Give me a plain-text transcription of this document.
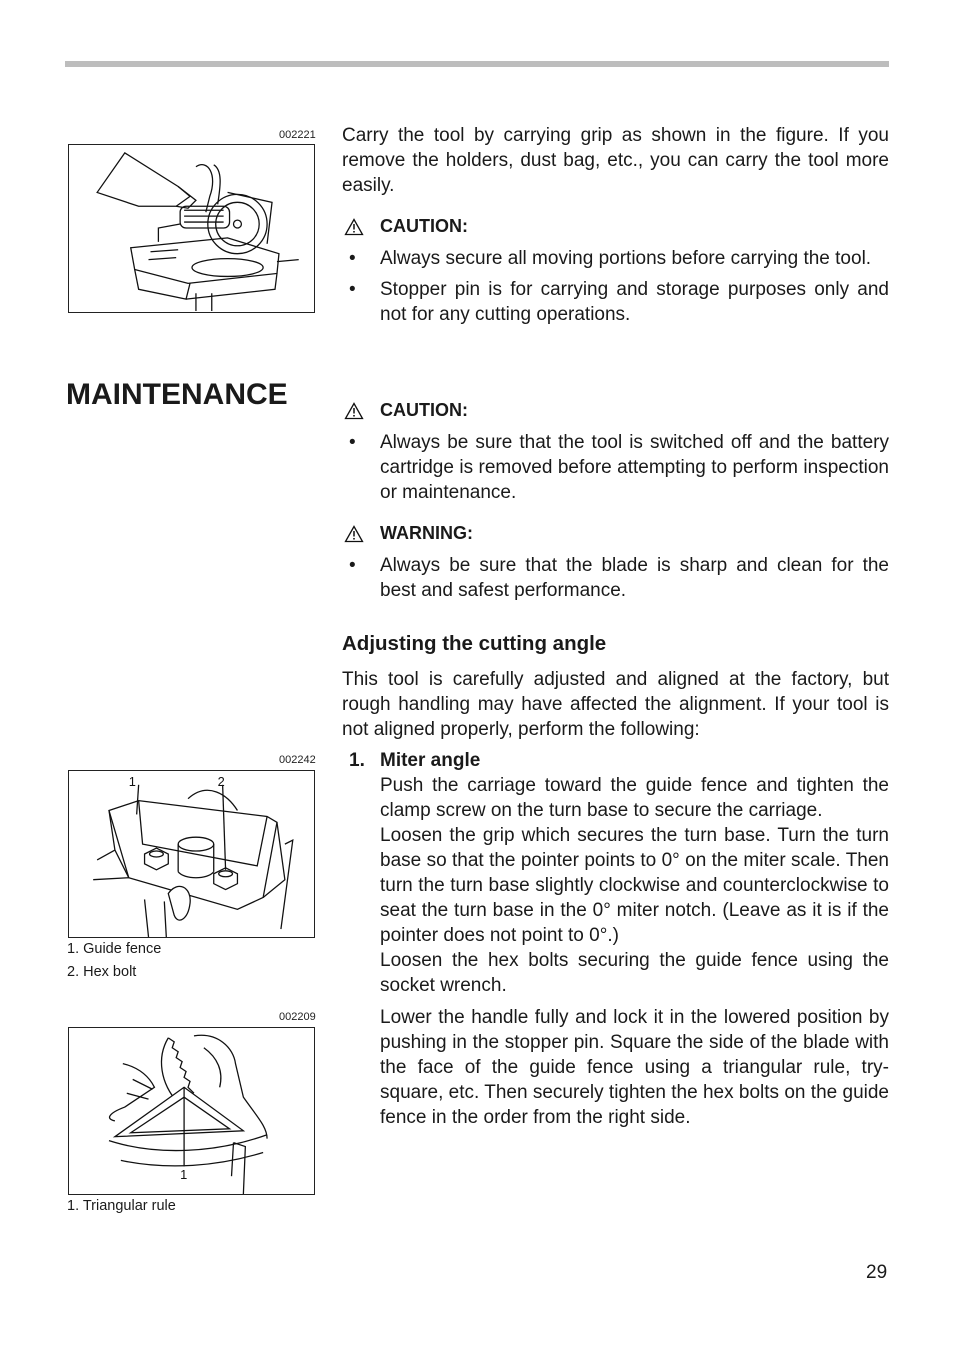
002221
002242
1	2
1. Guide fence
2. Hex bolt
002209
1
1. Triangular rule
MAINTENANCE

Carry the tool by carrying grip as shown in the figure. If you remove the holders, dust bag, etc., you can carry the tool more easily.

CAUTION:
•	Always secure all moving portions before carrying the tool.
•	Stopper pin is for carrying and storage purposes only and not for any cutting operations.
CAUTION:
•	Always be sure that the tool is switched off and the battery cartridge is removed before attempting to perform inspection or maintenance.
WARNING:
•	Always be sure that the blade is sharp and clean for the best and safest performance.
Adjusting the cutting angle

This tool is carefully adjusted and aligned at the factory, but rough handling may have affected the alignment. If your tool is not aligned properly, perform the following:

1. Miter angle

Push the carriage toward the guide fence and tighten the clamp screw on the turn base to secure the carriage.

Loosen the grip which secures the turn base. Turn the turn base so that the pointer points to 0° on the miter scale. Then turn the turn base slightly clockwise and counterclockwise to seat the turn base in the 0° miter notch. (Leave as it is if the pointer does not point to 0°.)

Loosen the hex bolts securing the guide fence using the socket wrench.

Lower the handle fully and lock it in the lowered position by pushing in the stopper pin. Square the side of the blade with the face of the guide fence using a triangular rule, try-square, etc. Then securely tighten the hex bolts on the guide fence in the order from the right side.

29
